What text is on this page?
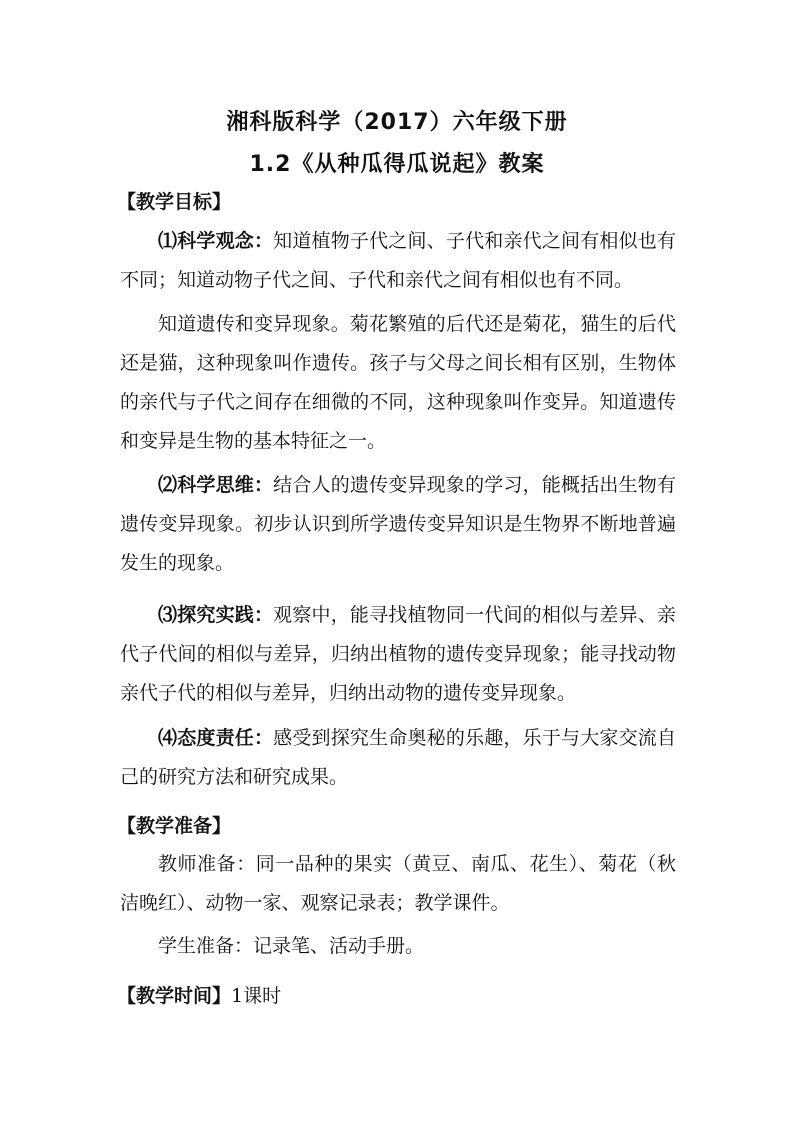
湘科版科学（2017）六年级下册
1.2《从种瓜得瓜说起》教案
【教学目标】
⑴科学观念：知道植物子代之间、子代和亲代之间有相似也有不同；知道动物子代之间、子代和亲代之间有相似也有不同。
知道遗传和变异现象。菊花繁殖的后代还是菊花，猫生的后代还是猫，这种现象叫作遗传。孩子与父母之间长相有区别，生物体的亲代与子代之间存在细微的不同，这种现象叫作变异。知道遗传和变异是生物的基本特征之一。
⑵科学思维：结合人的遗传变异现象的学习，能概括出生物有遗传变异现象。初步认识到所学遗传变异知识是生物界不断地普遍发生的现象。
⑶探究实践：观察中，能寻找植物同一代间的相似与差异、亲代子代间的相似与差异，归纳出植物的遗传变异现象；能寻找动物亲代子代的相似与差异，归纳出动物的遗传变异现象。
⑷态度责任：感受到探究生命奥秘的乐趣，乐于与大家交流自己的研究方法和研究成果。
【教学准备】
教师准备：同一品种的果实（黄豆、南瓜、花生）、菊花（秋洁晚红）、动物一家、观察记录表；教学课件。
学生准备：记录笔、活动手册。
【教学时间】1课时
